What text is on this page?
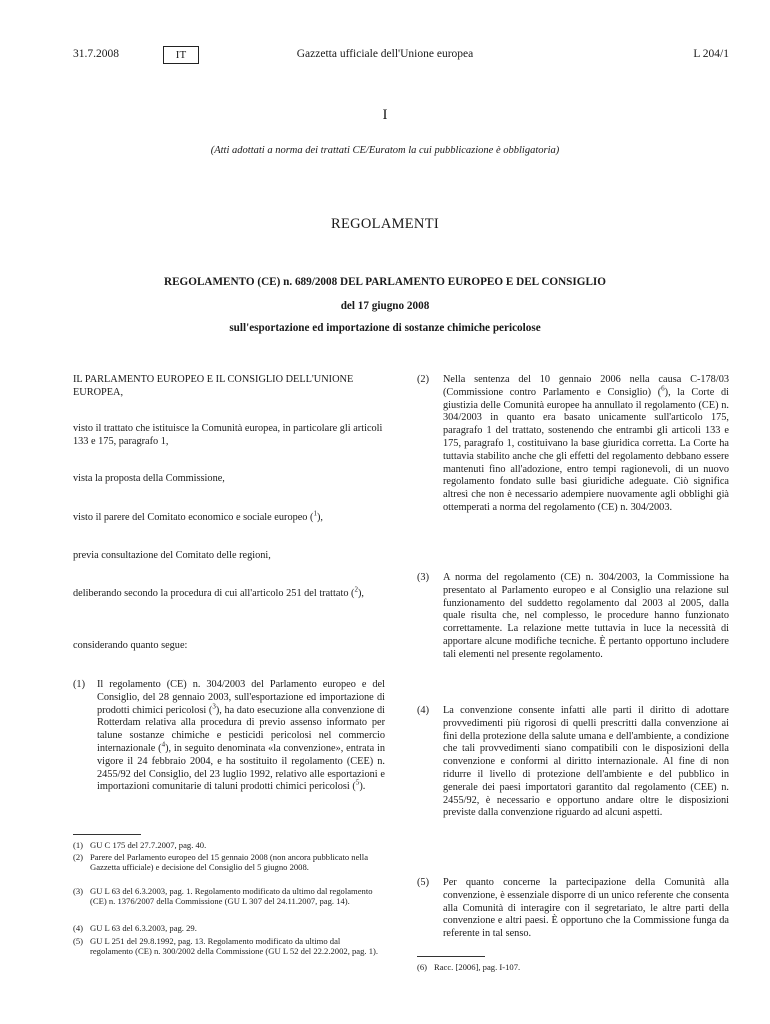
31.7.2008	IT	Gazzetta ufficiale dell'Unione europea	L 204/1
I
(Atti adottati a norma dei trattati CE/Euratom la cui pubblicazione è obbligatoria)
REGOLAMENTI
REGOLAMENTO (CE) n. 689/2008 DEL PARLAMENTO EUROPEO E DEL CONSIGLIO
del 17 giugno 2008
sull'esportazione ed importazione di sostanze chimiche pericolose
IL PARLAMENTO EUROPEO E IL CONSIGLIO DELL'UNIONE EUROPEA,
visto il trattato che istituisce la Comunità europea, in particolare gli articoli 133 e 175, paragrafo 1,
vista la proposta della Commissione,
visto il parere del Comitato economico e sociale europeo ($^1$),
previa consultazione del Comitato delle regioni,
deliberando secondo la procedura di cui all'articolo 251 del trattato ($^2$),
considerando quanto segue:
(1) Il regolamento (CE) n. 304/2003 del Parlamento europeo e del Consiglio, del 28 gennaio 2003, sull'esportazione ed importazione di prodotti chimici pericolosi ($^3$), ha dato esecuzione alla convenzione di Rotterdam relativa alla procedura di previo assenso informato per talune sostanze chimiche e pesticidi pericolosi nel commercio internazionale ($^4$), in seguito denominata «la convenzione», entrata in vigore il 24 febbraio 2004, e ha sostituito il regolamento (CEE) n. 2455/92 del Consiglio, del 23 luglio 1992, relativo alle esportazioni e importazioni comunitarie di taluni prodotti chimici pericolosi ($^5$).
(1) GU C 175 del 27.7.2007, pag. 40.
(2) Parere del Parlamento europeo del 15 gennaio 2008 (non ancora pubblicato nella Gazzetta ufficiale) e decisione del Consiglio del 5 giugno 2008.
(3) GU L 63 del 6.3.2003, pag. 1. Regolamento modificato da ultimo dal regolamento (CE) n. 1376/2007 della Commissione (GU L 307 del 24.11.2007, pag. 14).
(4) GU L 63 del 6.3.2003, pag. 29.
(5) GU L 251 del 29.8.1992, pag. 13. Regolamento modificato da ultimo dal regolamento (CE) n. 300/2002 della Commissione (GU L 52 del 22.2.2002, pag. 1).
(2) Nella sentenza del 10 gennaio 2006 nella causa C-178/03 (Commissione contro Parlamento e Consiglio) ($^6$), la Corte di giustizia delle Comunità europee ha annullato il regolamento (CE) n. 304/2003 in quanto era basato unicamente sull'articolo 175, paragrafo 1 del trattato, sostenendo che entrambi gli articoli 133 e 175, paragrafo 1, costituivano la base giuridica corretta. La Corte ha tuttavia stabilito anche che gli effetti del regolamento debbano essere mantenuti fino all'adozione, entro tempi ragionevoli, di un nuovo regolamento fondato sulle basi giuridiche adeguate. Ciò significa altresì che non è necessario adempiere nuovamente agli obblighi già ottemperati a norma del regolamento (CE) n. 304/2003.
(3) A norma del regolamento (CE) n. 304/2003, la Commissione ha presentato al Parlamento europeo e al Consiglio una relazione sul funzionamento del suddetto regolamento dal 2003 al 2005, dalla quale risulta che, nel complesso, le procedure hanno funzionato correttamente. La relazione mette tuttavia in luce la necessità di apportare alcune modifiche tecniche. È pertanto opportuno includere tali elementi nel presente regolamento.
(4) La convenzione consente infatti alle parti il diritto di adottare provvedimenti più rigorosi di quelli prescritti dalla convenzione ai fini della protezione della salute umana e dell'ambiente, a condizione che tali provvedimenti siano compatibili con le disposizioni della convenzione e conformi al diritto internazionale. Al fine di non ridurre il livello di protezione dell'ambiente e del pubblico in generale dei paesi importatori garantito dal regolamento (CEE) n. 2455/92, è necessario e opportuno andare oltre le disposizioni previste dalla convenzione riguardo ad alcuni aspetti.
(5) Per quanto concerne la partecipazione della Comunità alla convenzione, è essenziale disporre di un unico referente che consenta alla Comunità di interagire con il segretariato, le altre parti della convenzione e altri paesi. È opportuno che la Commissione funga da referente in tal senso.
(6) Racc. [2006], pag. I-107.
